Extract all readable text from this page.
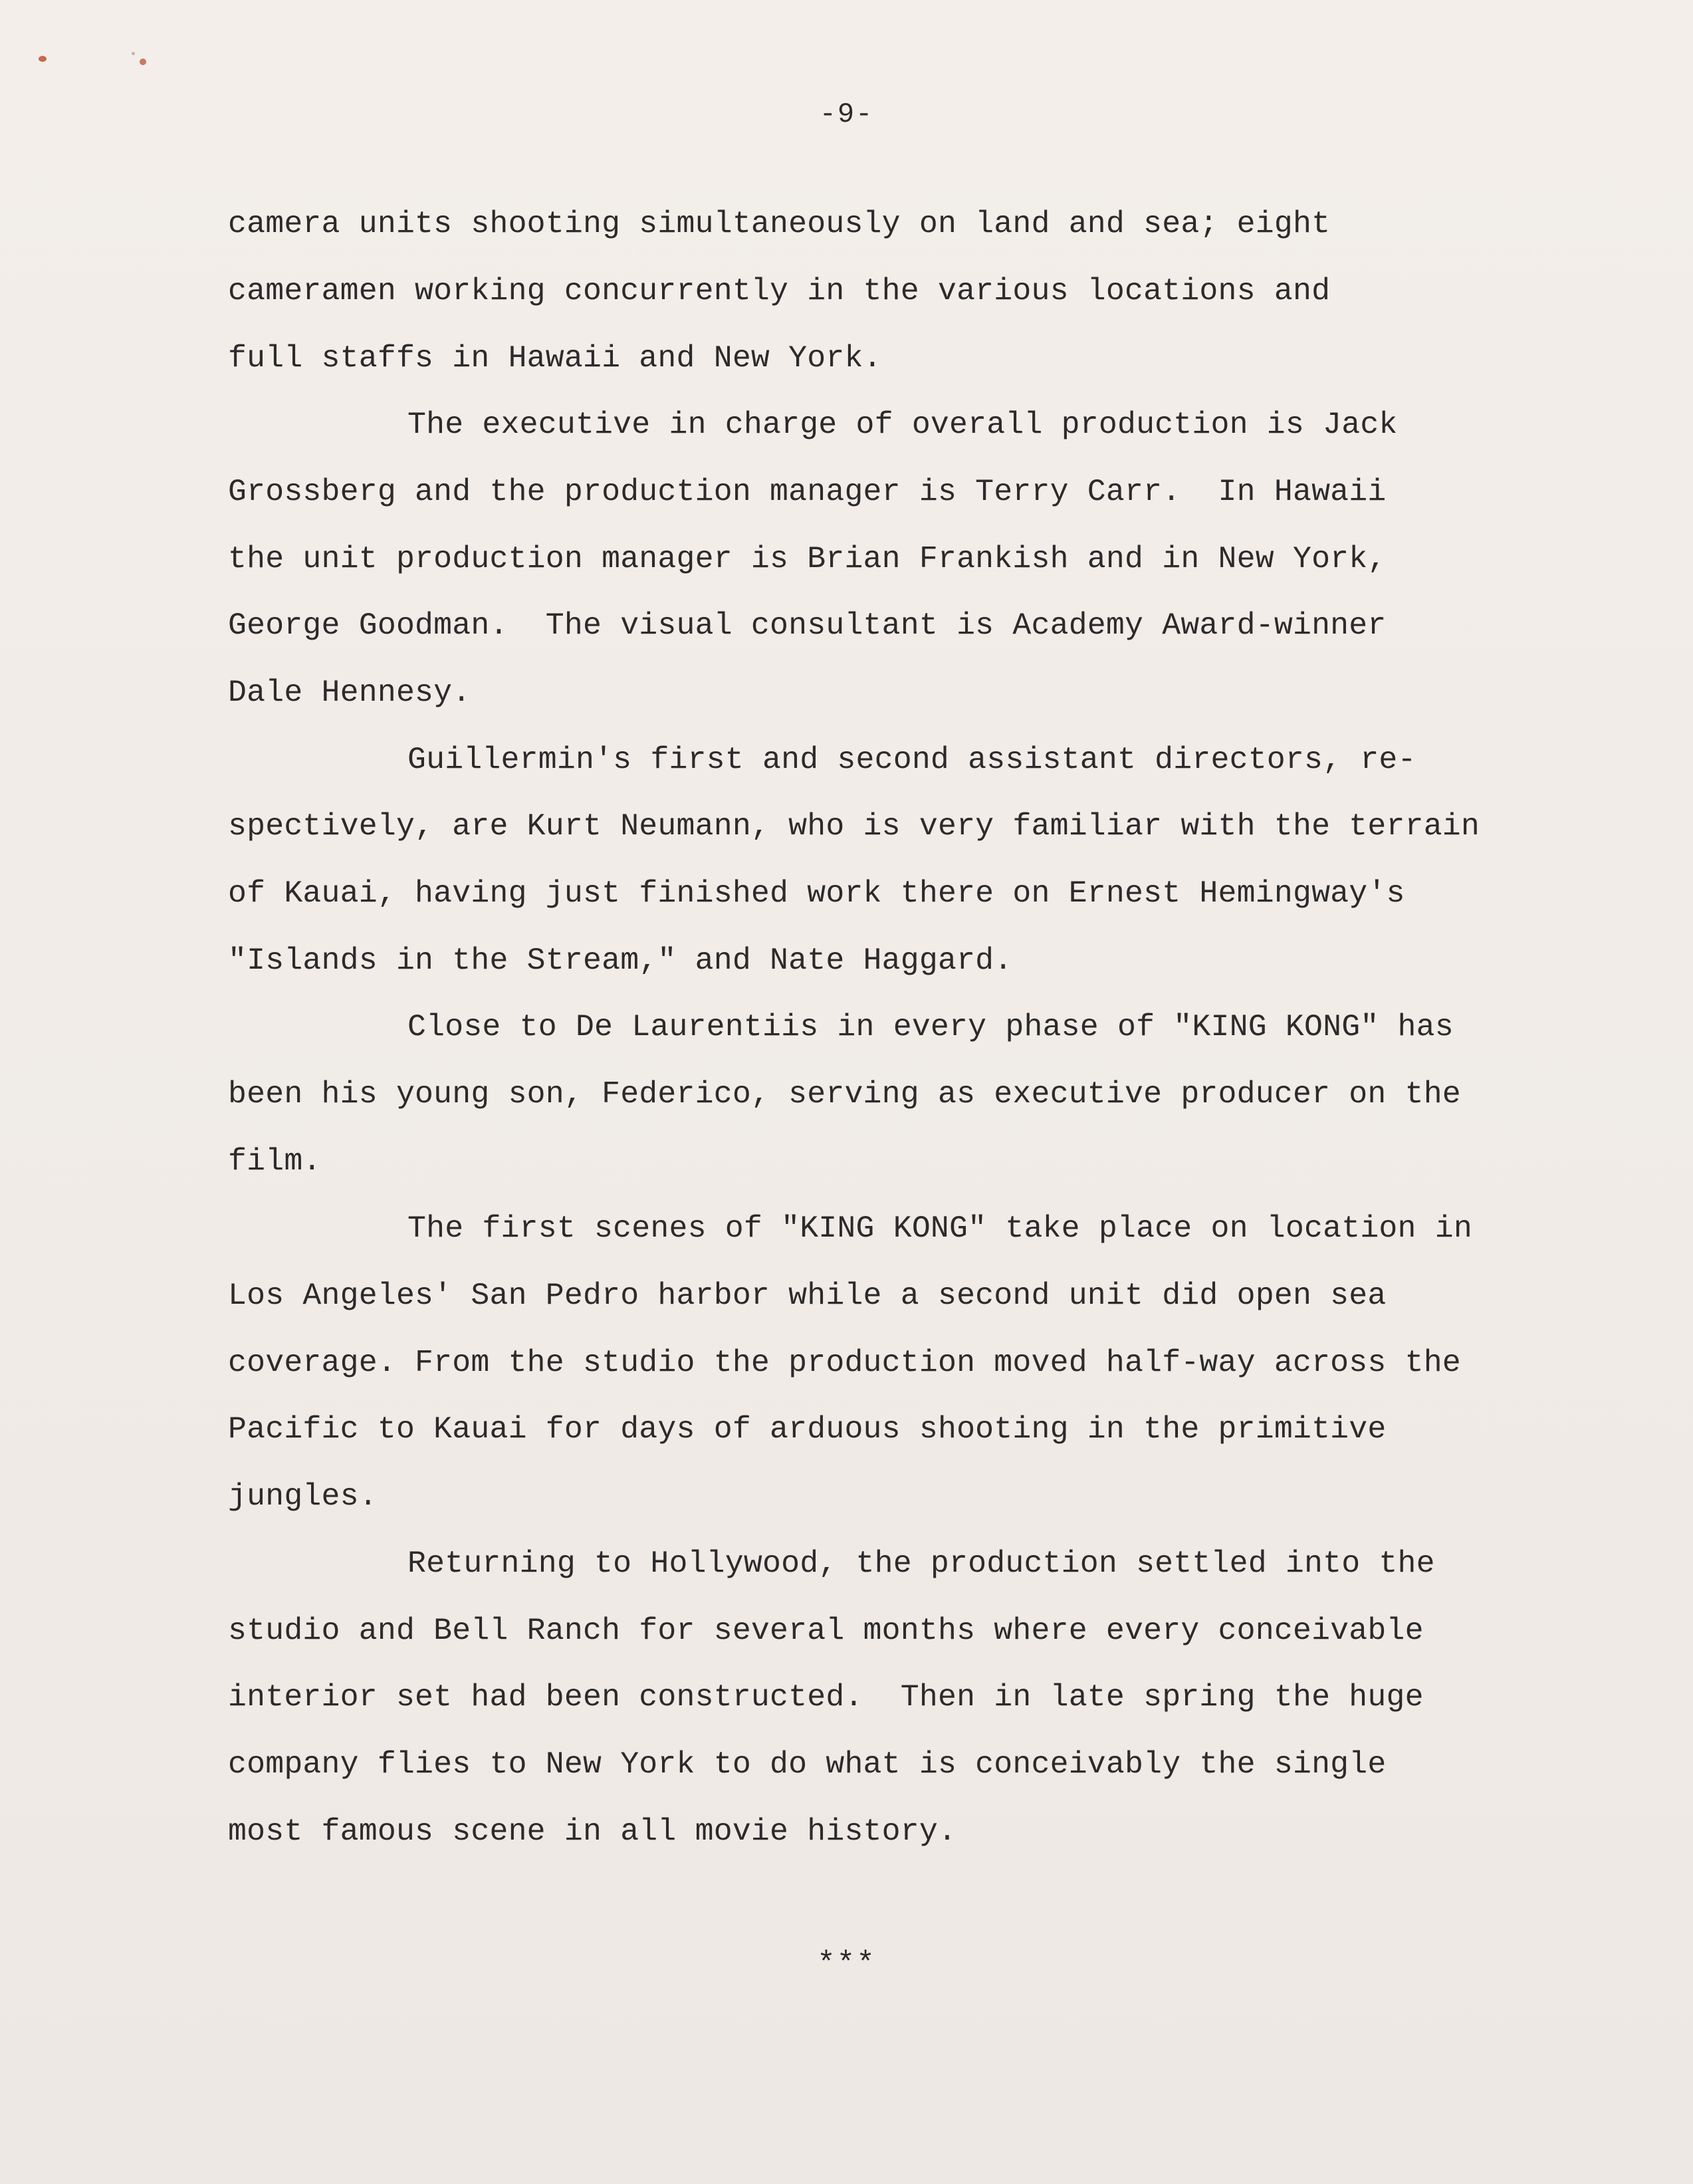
-9-

camera units shooting simultaneously on land and sea; eight

cameramen working concurrently in the various locations and

full staffs in Hawaii and New York.

The executive in charge of overall production is Jack

Grossberg and the production manager is Terry Carr.  In Hawaii

the unit production manager is Brian Frankish and in New York,

George Goodman.  The visual consultant is Academy Award-winner

Dale Hennesy.

Guillermin's first and second assistant directors, re-

spectively, are Kurt Neumann, who is very familiar with the terrain

of Kauai, having just finished work there on Ernest Hemingway's

"Islands in the Stream," and Nate Haggard.

Close to De Laurentiis in every phase of "KING KONG" has

been his young son, Federico, serving as executive producer on the

film.

The first scenes of "KING KONG" take place on location in

Los Angeles' San Pedro harbor while a second unit did open sea

coverage. From the studio the production moved half-way across the

Pacific to Kauai for days of arduous shooting in the primitive

jungles.

Returning to Hollywood, the production settled into the

studio and Bell Ranch for several months where every conceivable

interior set had been constructed.  Then in late spring the huge

company flies to New York to do what is conceivably the single

most famous scene in all movie history.

***
